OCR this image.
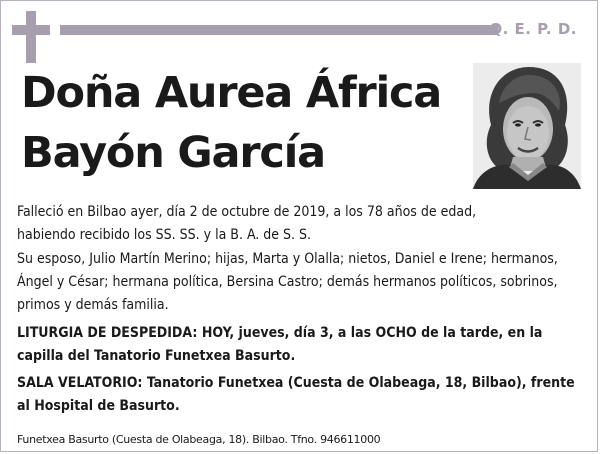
Q. E. P. D.
Doña Aurea África
Bayón García

Falleció en Bilbao ayer, día 2 de octubre de 2019, a los 78 años de edad,
habiendo recibido los SS. SS. y la B. A. de S. S.

Su esposo, Julio Martín Merino; hijas, Marta y Olalla; nietos, Daniel e Irene; hermanos, Ángel y César; hermana política, Bersina Castro; demás hermanos políticos, sobrinos, primos y demás familia.

LITURGIA DE DESPEDIDA: HOY, jueves, día 3, a las OCHO de la tarde, en la capilla del Tanatorio Funetxea Basurto.

SALA VELATORIO: Tanatorio Funetxea (Cuesta de Olabeaga, 18, Bilbao), frente al Hospital de Basurto.

Funetxea Basurto (Cuesta de Olabeaga, 18). Bilbao. Tfno. 946611000
